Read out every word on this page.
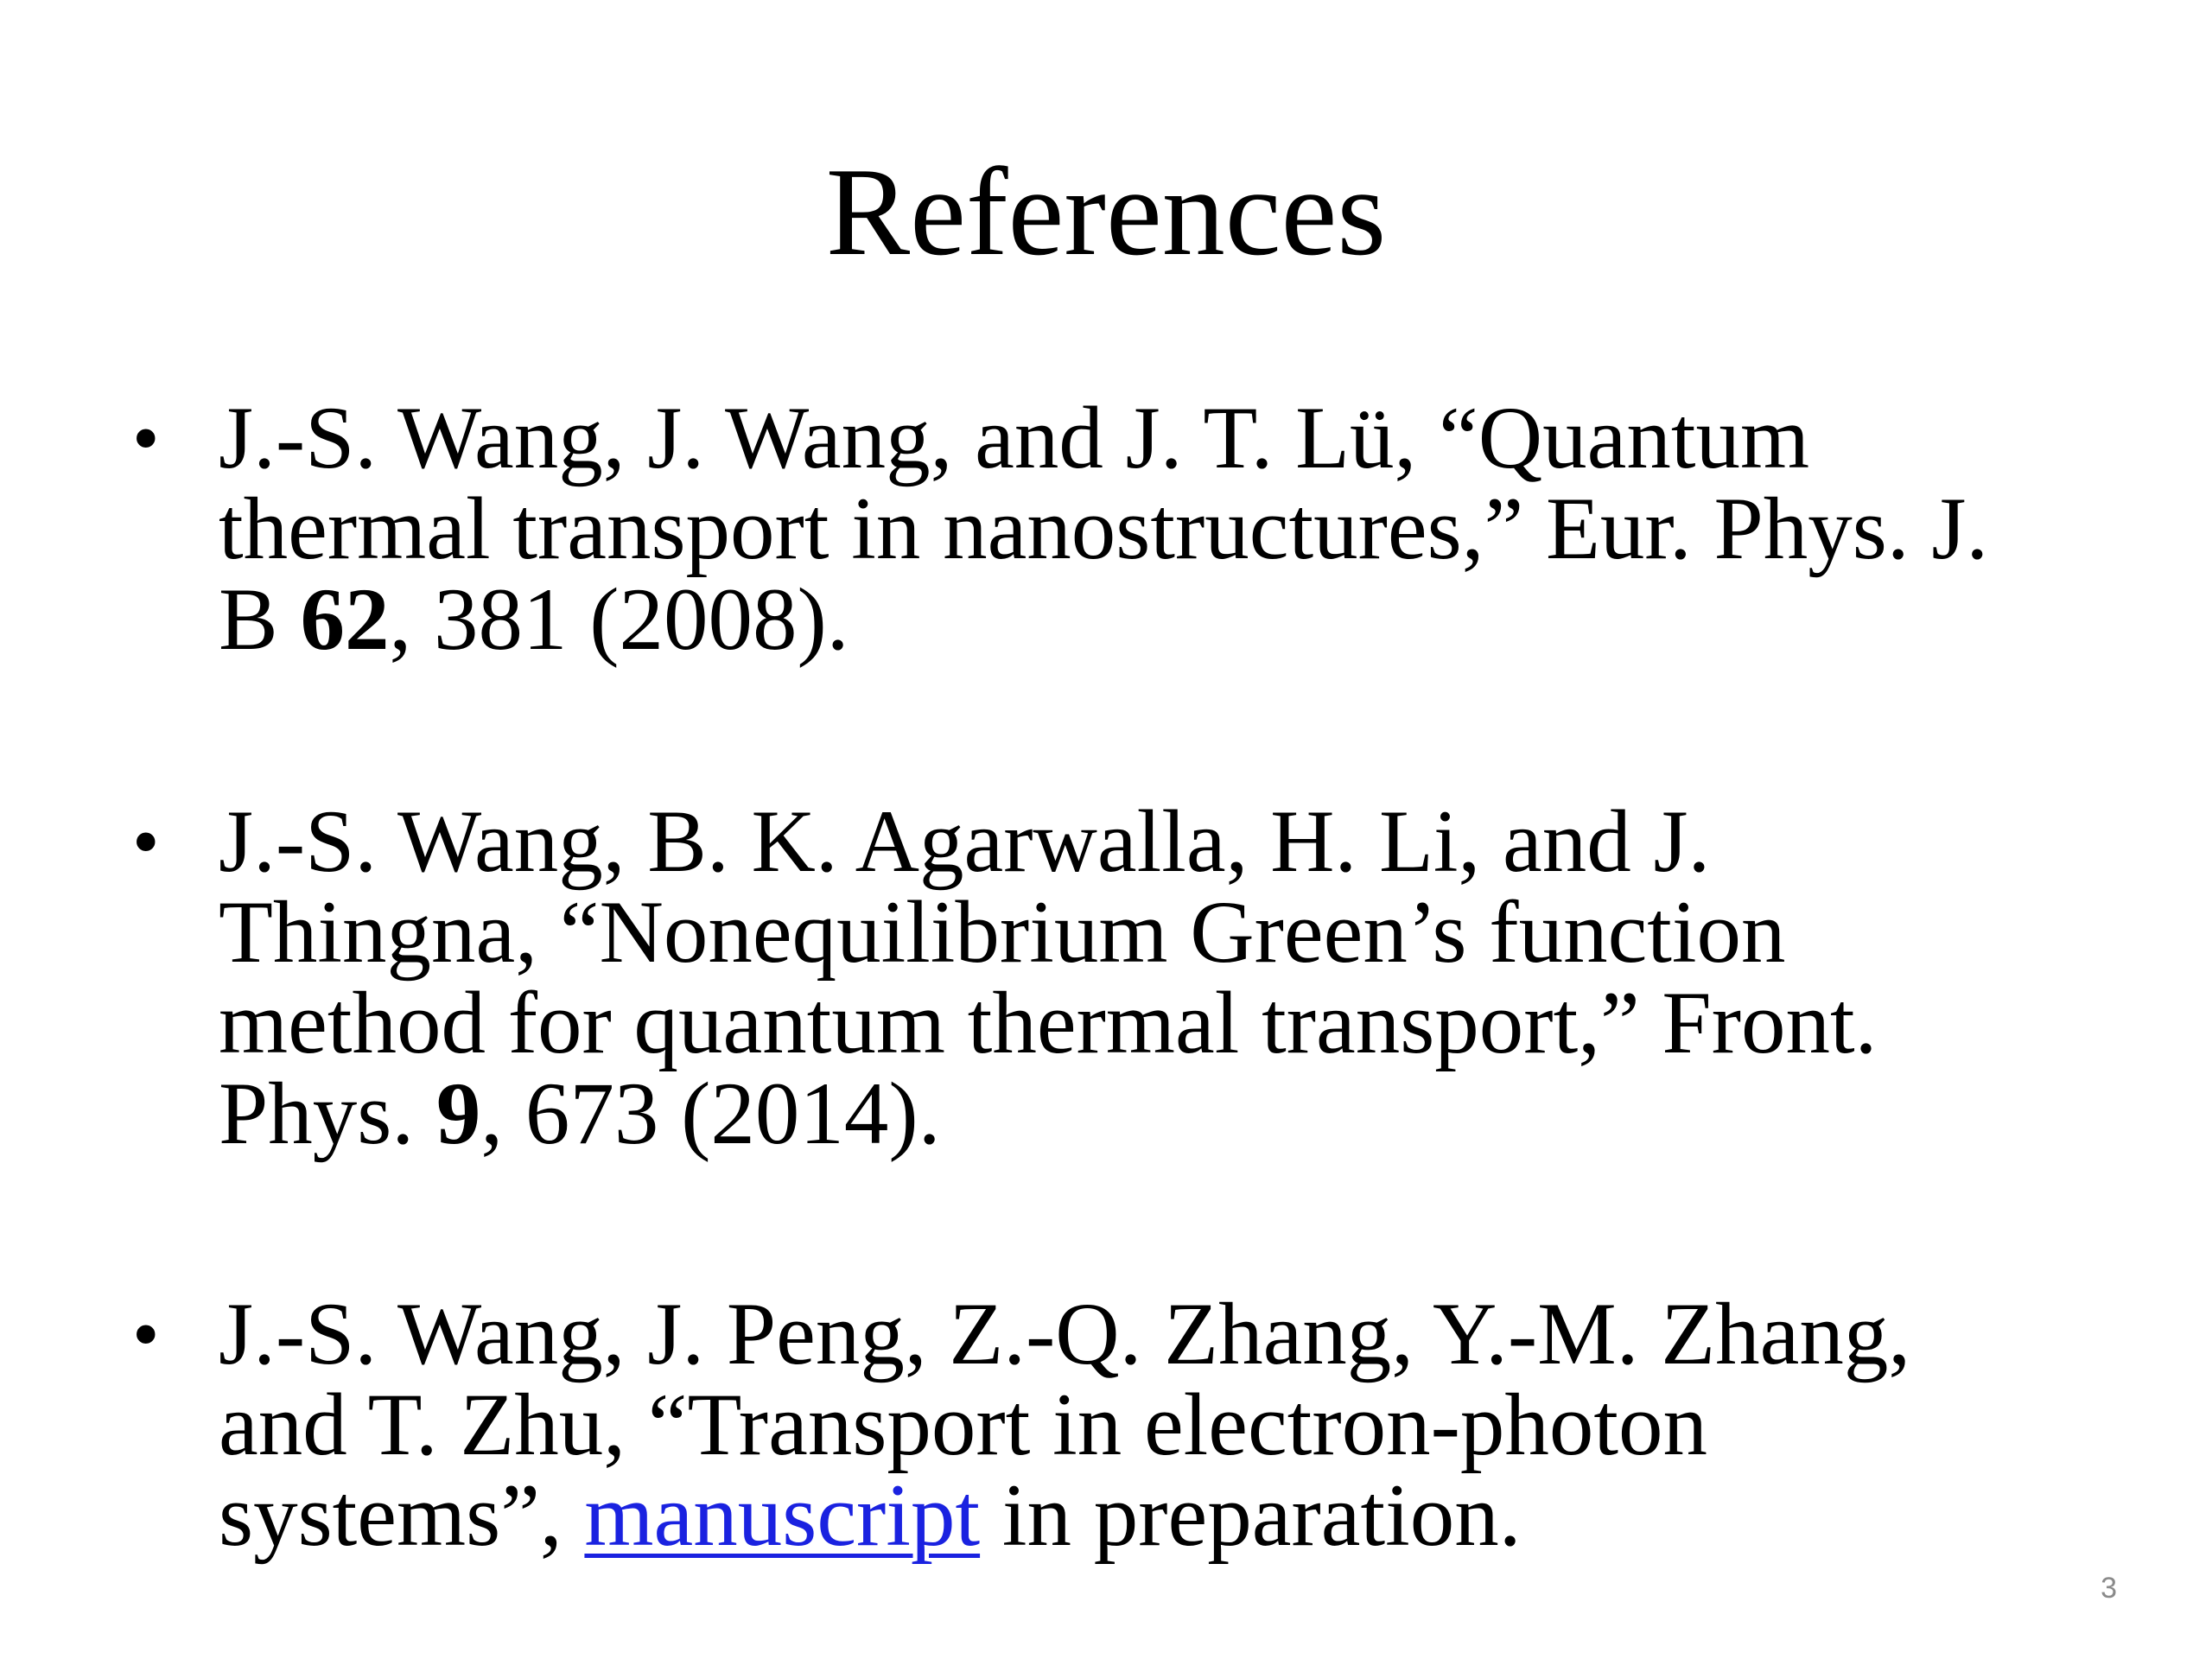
References
• J.-S. Wang, J. Wang, and J. T. Lü, “Quantum
thermal transport in nanostructures,” Eur. Phys. J.
B 62, 381 (2008).
• J.-S. Wang, B. K. Agarwalla, H. Li, and J.
Thingna, “Nonequilibrium Green’s function
method for quantum thermal transport,” Front.
Phys. 9, 673 (2014).
• J.-S. Wang, J. Peng, Z.-Q. Zhang, Y.-M. Zhang,
and T. Zhu, “Transport in electron-photon
systems”, manuscript in preparation.
3
